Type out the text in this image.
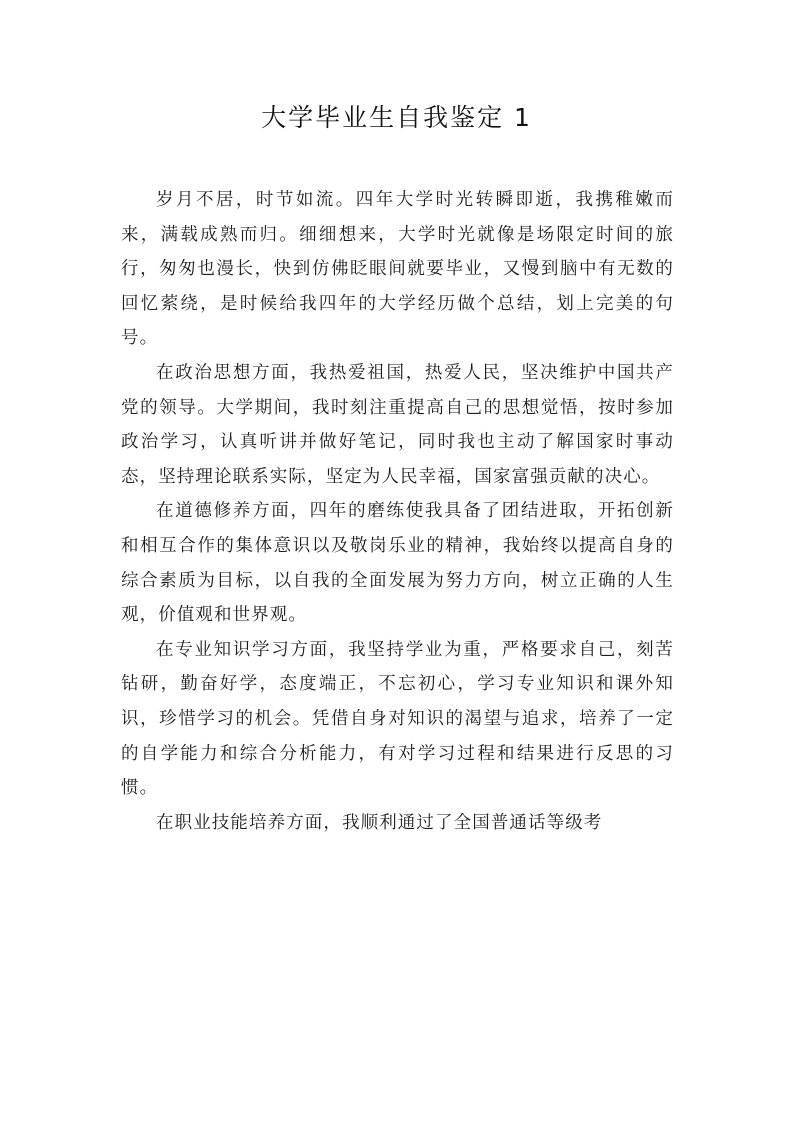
大学毕业生自我鉴定 1

岁月不居，时节如流。四年大学时光转瞬即逝，我携稚嫩而来，满载成熟而归。细细想来，大学时光就像是场限定时间的旅行，匆匆也漫长，快到仿佛眨眼间就要毕业，又慢到脑中有无数的回忆萦绕，是时候给我四年的大学经历做个总结，划上完美的句号。

在政治思想方面，我热爱祖国，热爱人民，坚决维护中国共产党的领导。大学期间，我时刻注重提高自己的思想觉悟，按时参加政治学习，认真听讲并做好笔记，同时我也主动了解国家时事动态，坚持理论联系实际，坚定为人民幸福，国家富强贡献的决心。

在道德修养方面，四年的磨练使我具备了团结进取，开拓创新和相互合作的集体意识以及敬岗乐业的精神，我始终以提高自身的综合素质为目标，以自我的全面发展为努力方向，树立正确的人生观，价值观和世界观。

在专业知识学习方面，我坚持学业为重，严格要求自己，刻苦钻研，勤奋好学，态度端正，不忘初心，学习专业知识和课外知识，珍惜学习的机会。凭借自身对知识的渴望与追求，培养了一定的自学能力和综合分析能力，有对学习过程和结果进行反思的习惯。

在职业技能培养方面，我顺利通过了全国普通话等级考
